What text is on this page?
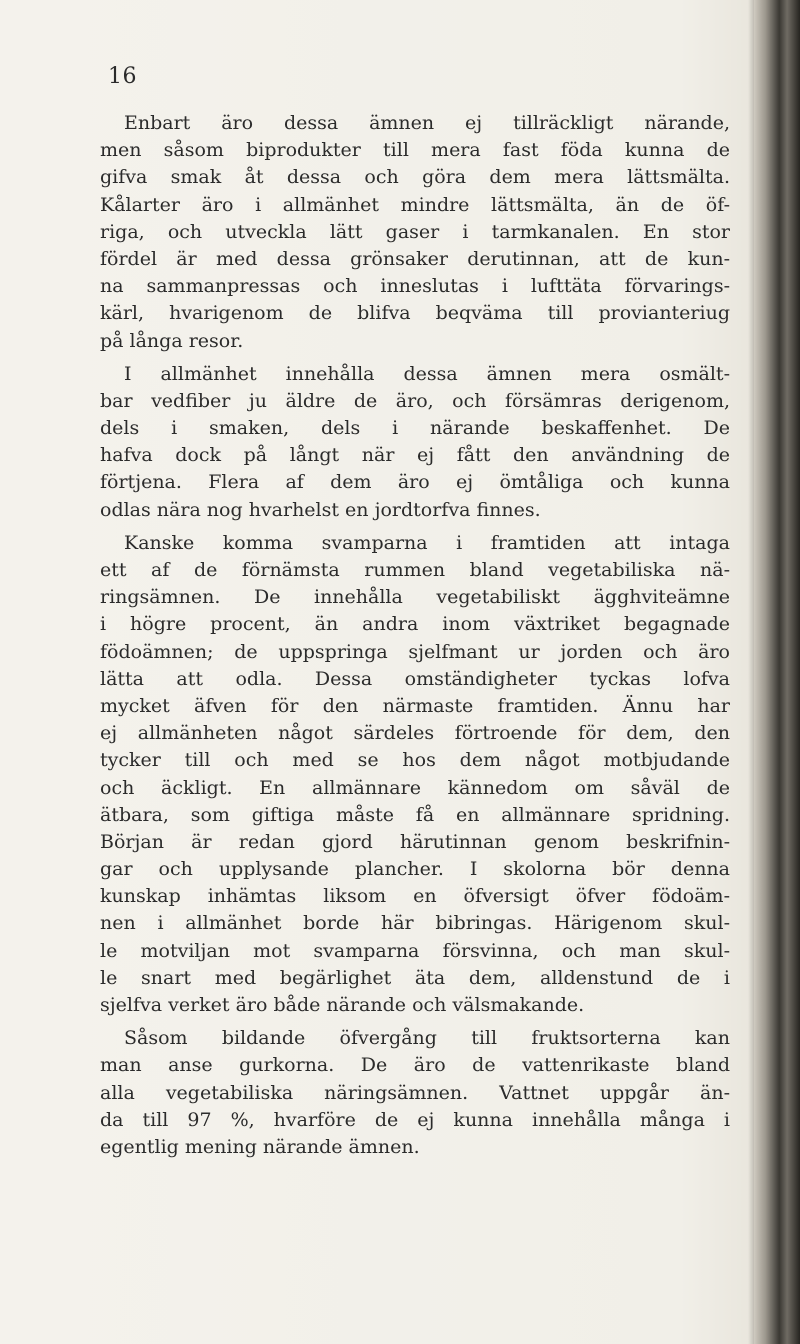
16
Enbart äro dessa ämnen ej tillräckligt närande,
men såsom biprodukter till mera fast föda kunna de
gifva smak åt dessa och göra dem mera lättsmälta.
Kålarter äro i allmänhet mindre lättsmälta, än de öf-
riga, och utveckla lätt gaser i tarmkanalen. En stor
fördel är med dessa grönsaker derutinnan, att de kun-
na sammanpressas och inneslutas i lufttäta förvarings-
kärl, hvarigenom de blifva beqväma till provianteriug
på långa resor.
I allmänhet innehålla dessa ämnen mera osmält-
bar vedfiber ju äldre de äro, och försämras derigenom,
dels i smaken, dels i närande beskaffenhet. De
hafva dock på långt när ej fått den användning de
förtjena. Flera af dem äro ej ömtåliga och kunna
odlas nära nog hvarhelst en jordtorfva finnes.
Kanske komma svamparna i framtiden att intaga
ett af de förnämsta rummen bland vegetabiliska nä-
ringsämnen. De innehålla vegetabiliskt ägghviteämne
i högre procent, än andra inom växtriket begagnade
födoämnen; de uppspringa sjelfmant ur jorden och äro
lätta att odla. Dessa omständigheter tyckas lofva
mycket äfven för den närmaste framtiden. Ännu har
ej allmänheten något särdeles förtroende för dem, den
tycker till och med se hos dem något motbjudande
och äckligt. En allmännare kännedom om såväl de
ätbara, som giftiga måste få en allmännare spridning.
Början är redan gjord härutinnan genom beskrifnin-
gar och upplysande plancher. I skolorna bör denna
kunskap inhämtas liksom en öfversigt öfver födoäm-
nen i allmänhet borde här bibringas. Härigenom skul-
le motviljan mot svamparna försvinna, och man skul-
le snart med begärlighet äta dem, alldenstund de i
sjelfva verket äro både närande och välsmakande.
Såsom bildande öfvergång till fruktsorterna kan
man anse gurkorna. De äro de vattenrikaste bland
alla vegetabiliska näringsämnen. Vattnet uppgår än-
da till 97 %, hvarföre de ej kunna innehålla många i
egentlig mening närande ämnen.
